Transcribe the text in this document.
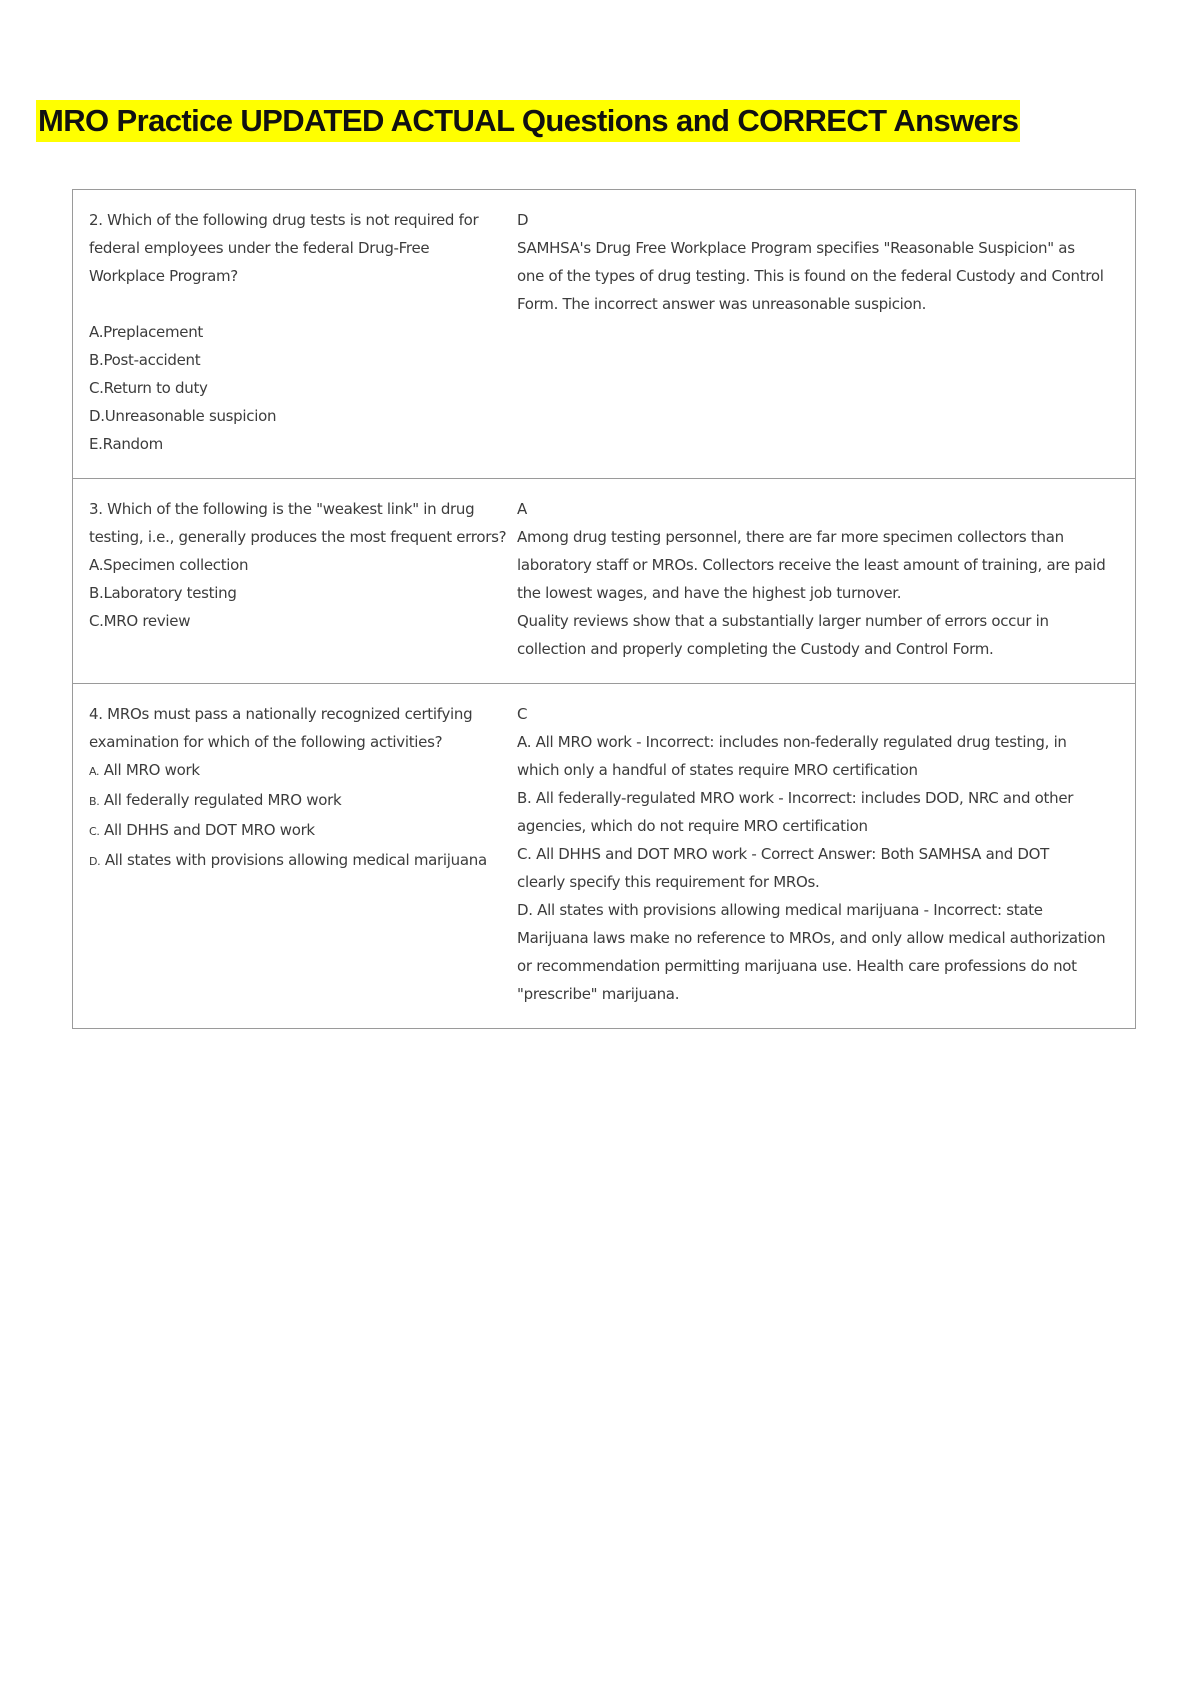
MRO Practice UPDATED ACTUAL Questions and CORRECT Answers
2. Which of the following drug tests is not required for
federal employees under the federal Drug-Free
Workplace Program?
A.Preplacement
B.Post-accident
C.Return to duty
D.Unreasonable suspicion
E.Random
D
SAMHSA's Drug Free Workplace Program specifies "Reasonable Suspicion" as
one of the types of drug testing. This is found on the federal Custody and Control
Form. The incorrect answer was unreasonable suspicion.
3. Which of the following is the "weakest link" in drug
testing, i.e., generally produces the most frequent errors?
A.Specimen collection
B.Laboratory testing
C.MRO review
A
Among drug testing personnel, there are far more specimen collectors than
laboratory staff or MROs. Collectors receive the least amount of training, are paid
the lowest wages, and have the highest job turnover.
Quality reviews show that a substantially larger number of errors occur in
collection and properly completing the Custody and Control Form.
4. MROs must pass a nationally recognized certifying
examination for which of the following activities?
A. All MRO work
B. All federally regulated MRO work
C. All DHHS and DOT MRO work
D. All states with provisions allowing medical marijuana
C
A. All MRO work - Incorrect: includes non-federally regulated drug testing, in
which only a handful of states require MRO certification
B. All federally-regulated MRO work - Incorrect: includes DOD, NRC and other
agencies, which do not require MRO certification
C. All DHHS and DOT MRO work - Correct Answer: Both SAMHSA and DOT
clearly specify this requirement for MROs.
D. All states with provisions allowing medical marijuana - Incorrect: state
Marijuana laws make no reference to MROs, and only allow medical authorization
or recommendation permitting marijuana use. Health care professions do not
"prescribe" marijuana.
